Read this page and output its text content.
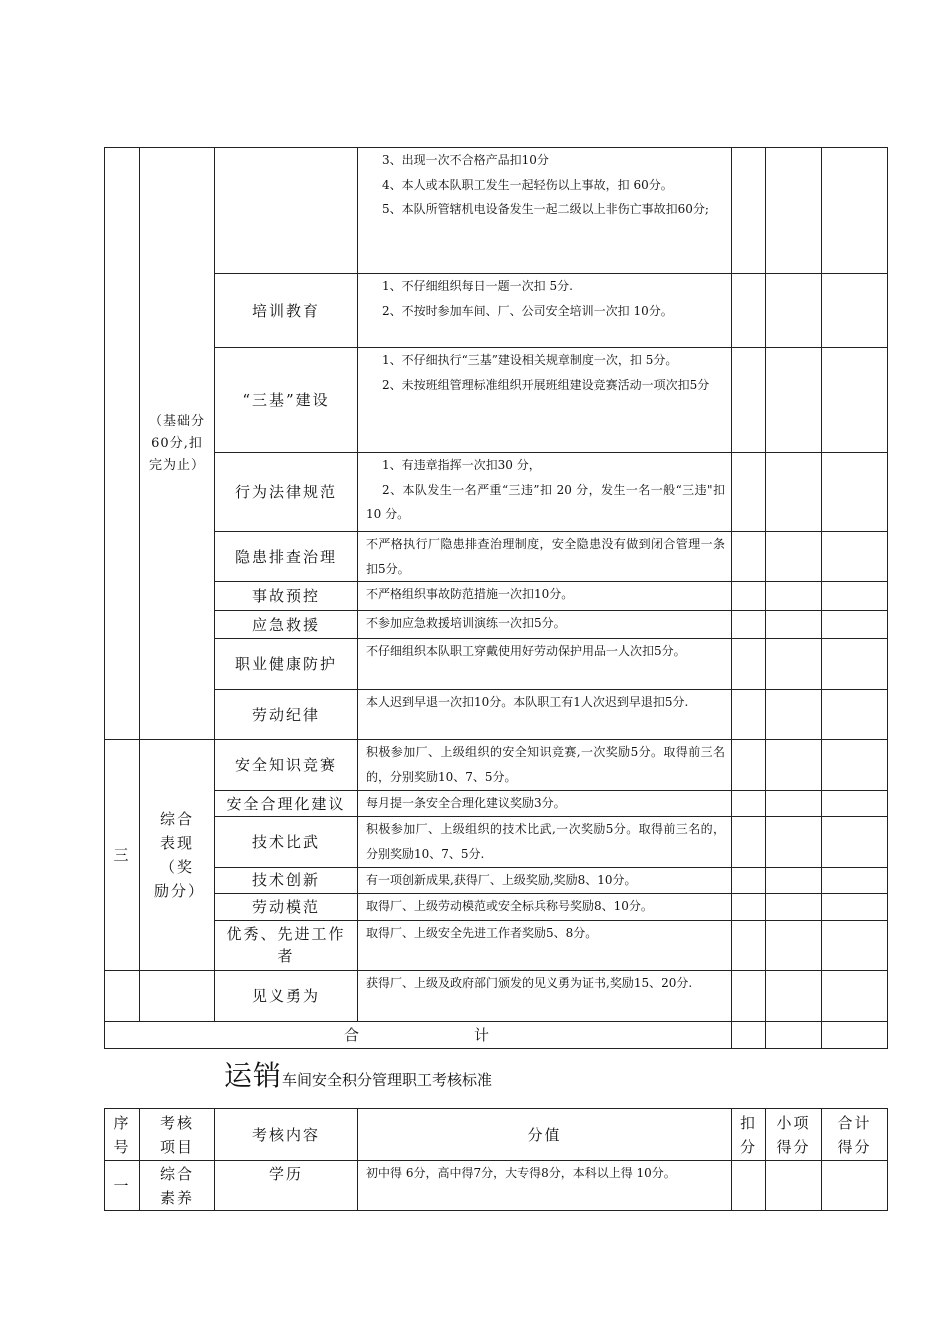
	（基础分60分,扣完为止）		3、出现一次不合格产品扣10分

4、本人或本队职工发生一起轻伤以上事故，扣 60分。

5、本队所管辖机电设备发生一起二级以上非伤亡事故扣60分;			

		培训教育	1、不仔细组织每日一题一次扣 5分.

2、不按时参加车间、厂、公司安全培训一次扣 10分。			

		“三基”建设	1、不仔细执行“三基”建设相关规章制度一次，扣 5分。

2、未按班组管理标准组织开展班组建设竞赛活动一项次扣5分			

		行为法律规范	1、有违章指挥一次扣30 分，

2、本队发生一名严重“三违”扣 20 分，发生一名一般“三违"扣 10 分。			

		隐患排查治理	不严格执行厂隐患排查治理制度，安全隐患没有做到闭合管理一条扣5分。			

		事故预控	不严格组织事故防范措施一次扣10分。			

		应急救援	不参加应急救援培训演练一次扣5分。			

		职业健康防护	不仔细组织本队职工穿戴使用好劳动保护用品一人次扣5分。			

		劳动纪律	本人迟到早退一次扣10分。本队职工有1人次迟到早退扣5分.			

三	综合表现（奖励分）	安全知识竞赛	积极参加厂、上级组织的安全知识竞赛,一次奖励5分。取得前三名的，分别奖励10、7、5分。			

		安全合理化建议	每月提一条安全合理化建议奖励3分。			

		技术比武	积极参加厂、上级组织的技术比武,一次奖励5分。取得前三名的，分别奖励10、7、5分.			

		技术创新	有一项创新成果,获得厂、上级奖励,奖励8、10分。			

		劳动模范	取得厂、上级劳动模范或安全标兵称号奖励8、10分。			

		优秀、先进工作者	取得厂、上级安全先进工作者奖励5、8分。			

		见义勇为	获得厂、上级及政府部门颁发的见义勇为证书,奖励15、20分.			

合 计						
运销车间安全积分管理职工考核标准
序号	考核项目	考核内容	分值	扣分	小项得分	合计得分
一	综合素养	学历	初中得 6分，高中得7分，大专得8分，本科以上得 10分。			
